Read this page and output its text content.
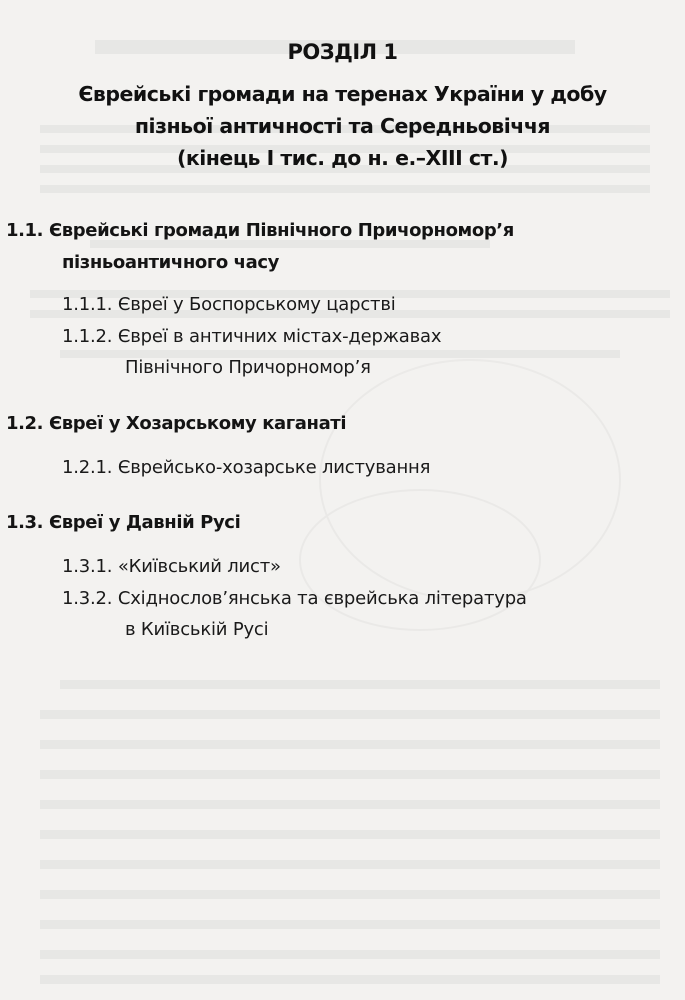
РОЗДІЛ 1
Єврейські громади на теренах України у добу
пізньої античності та Середньовіччя
(кінець І тис. до н. е.–ХІІІ ст.)
1.1. Єврейські громади Північного Причорномор’я
пізньоантичного часу
1.1.1. Євреї у Боспорському царстві
1.1.2. Євреї в античних містах-державах
Північного Причорномор’я
1.2. Євреї у Хозарському каганаті
1.2.1. Єврейсько-хозарське листування
1.3. Євреї у Давній Русі
1.3.1. «Київський лист»
1.3.2. Східнослов’янська та єврейська література
в Київській Русі
